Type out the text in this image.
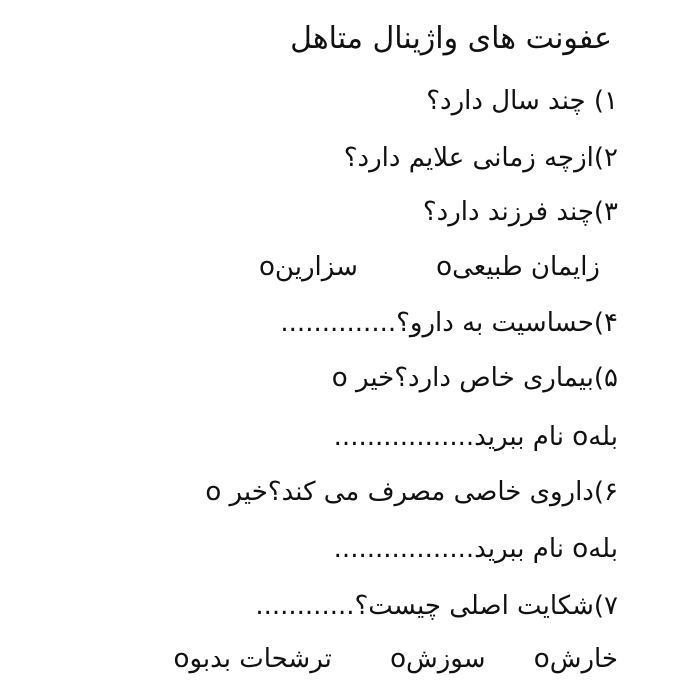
عفونت های واژینال متاهل
۱) چند سال دارد؟
۲)ازچه زمانی علایم دارد؟
۳)چند فرزند دارد؟
زایمان طبیعیo سزارینo
۴)حساسیت به دارو؟..............
۵)بیماری خاص دارد؟خیر o
بلهo نام ببرید.................
۶)داروی خاصی مصرف می کند؟خیر o
بلهo نام ببرید.................
۷)شکایت اصلی چیست؟............
خارشo سوزشo ترشحات بدبوo
